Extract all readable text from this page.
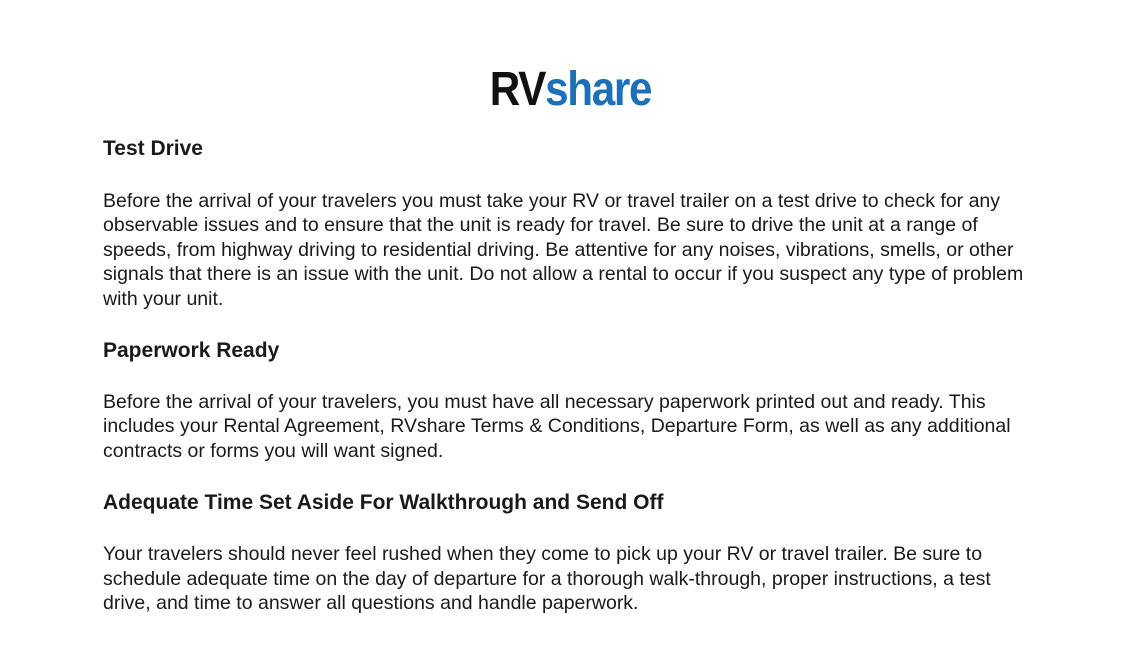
RVshare
Test Drive

Before the arrival of your travelers you must take your RV or travel trailer on a test drive to check for any observable issues and to ensure that the unit is ready for travel. Be sure to drive the unit at a range of speeds, from highway driving to residential driving. Be attentive for any noises, vibrations, smells, or other signals that there is an issue with the unit. Do not allow a rental to occur if you suspect any type of problem with your unit.

Paperwork Ready

Before the arrival of your travelers, you must have all necessary paperwork printed out and ready. This includes your Rental Agreement, RVshare Terms & Conditions, Departure Form, as well as any additional contracts or forms you will want signed.

Adequate Time Set Aside For Walkthrough and Send Off

Your travelers should never feel rushed when they come to pick up your RV or travel trailer. Be sure to schedule adequate time on the day of departure for a thorough walk-through, proper instructions, a test drive, and time to answer all questions and handle paperwork.
